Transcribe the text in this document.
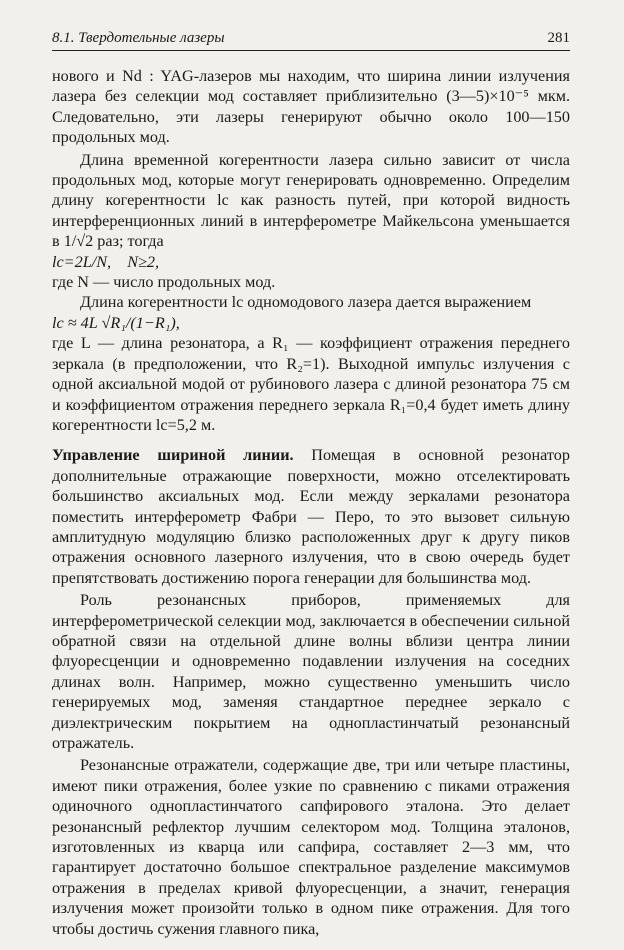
8.1. Твердотельные лазеры	281

нового и Nd : YAG-лазеров мы находим, что ширина линии излучения лазера без селекции мод составляет приблизительно (3—5)×10⁻⁵ мкм. Следовательно, эти лазеры генерируют обычно около 100—150 продольных мод.

Длина временной когерентности лазера сильно зависит от числа продольных мод, которые могут генерировать одновременно. Определим длину когерентности lс как разность путей, при которой видность интерференционных линий в интерферометре Майкельсона уменьшается в 1/√2 раз; тогда

lс=2L/N,    N≥2,

где N — число продольных мод.

Длина когерентности lс одномодового лазера дается выражением

lс ≈ 4L √R₁/(1−R₁),

где L — длина резонатора, а R₁ — коэффициент отражения переднего зеркала (в предположении, что R₂=1). Выходной импульс излучения с одной аксиальной модой от рубинового лазера с длиной резонатора 75 см и коэффициентом отражения переднего зеркала R₁=0,4 будет иметь длину когерентности lс=5,2 м.

Управление шириной линии. Помещая в основной резонатор дополнительные отражающие поверхности, можно отселектировать большинство аксиальных мод. Если между зеркалами резонатора поместить интерферометр Фабри — Перо, то это вызовет сильную амплитудную модуляцию близко расположенных друг к другу пиков отражения основного лазерного излучения, что в свою очередь будет препятствовать достижению порога генерации для большинства мод.

Роль резонансных приборов, применяемых для интерферометрической селекции мод, заключается в обеспечении сильной обратной связи на отдельной длине волны вблизи центра линии флуоресценции и одновременно подавлении излучения на соседних длинах волн. Например, можно существенно уменьшить число генерируемых мод, заменяя стандартное переднее зеркало с диэлектрическим покрытием на однопластинчатый резонансный отражатель.

Резонансные отражатели, содержащие две, три или четыре пластины, имеют пики отражения, более узкие по сравнению с пиками отражения одиночного однопластинчатого сапфирового эталона. Это делает резонансный рефлектор лучшим селектором мод. Толщина эталонов, изготовленных из кварца или сапфира, составляет 2—3 мм, что гарантирует достаточно большое спектральное разделение максимумов отражения в пределах кривой флуоресценции, а значит, генерация излучения может произойти только в одном пике отражения. Для того чтобы достичь сужения главного пика,
